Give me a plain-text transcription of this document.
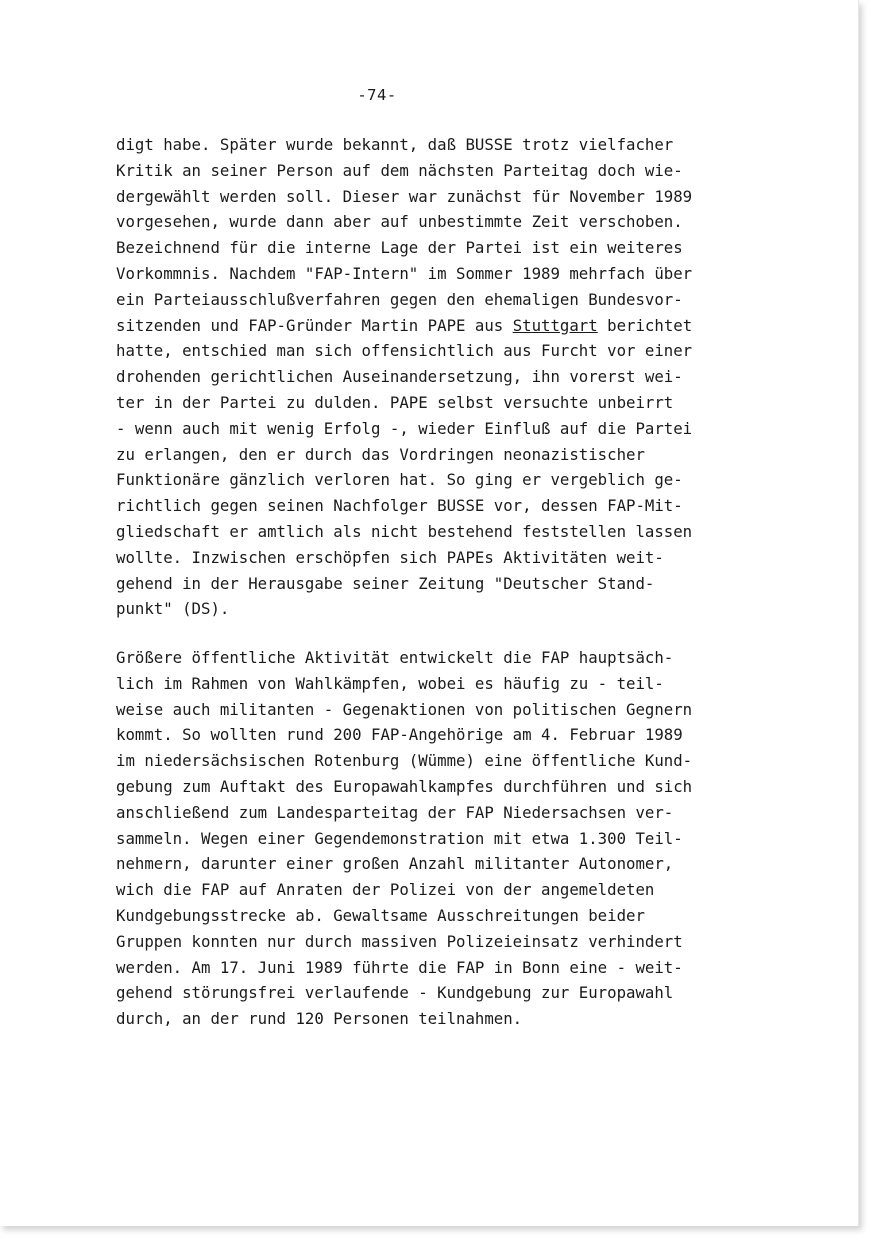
-74-
digt habe. Später wurde bekannt, daß BUSSE trotz vielfacher
Kritik an seiner Person auf dem nächsten Parteitag doch wie-
dergewählt werden soll. Dieser war zunächst für November 1989
vorgesehen, wurde dann aber auf unbestimmte Zeit verschoben.
Bezeichnend für die interne Lage der Partei ist ein weiteres
Vorkommnis. Nachdem "FAP-Intern" im Sommer 1989 mehrfach über
ein Parteiausschlußverfahren gegen den ehemaligen Bundesvor-
sitzenden und FAP-Gründer Martin PAPE aus Stuttgart berichtet
hatte, entschied man sich offensichtlich aus Furcht vor einer
drohenden gerichtlichen Auseinandersetzung, ihn vorerst wei-
ter in der Partei zu dulden. PAPE selbst versuchte unbeirrt
- wenn auch mit wenig Erfolg -, wieder Einfluß auf die Partei
zu erlangen, den er durch das Vordringen neonazistischer
Funktionäre gänzlich verloren hat. So ging er vergeblich ge-
richtlich gegen seinen Nachfolger BUSSE vor, dessen FAP-Mit-
gliedschaft er amtlich als nicht bestehend feststellen lassen
wollte. Inzwischen erschöpfen sich PAPEs Aktivitäten weit-
gehend in der Herausgabe seiner Zeitung "Deutscher Stand-
punkt" (DS).
Größere öffentliche Aktivität entwickelt die FAP hauptsäch-
lich im Rahmen von Wahlkämpfen, wobei es häufig zu - teil-
weise auch militanten - Gegenaktionen von politischen Gegnern
kommt. So wollten rund 200 FAP-Angehörige am 4. Februar 1989
im niedersächsischen Rotenburg (Wümme) eine öffentliche Kund-
gebung zum Auftakt des Europawahlkampfes durchführen und sich
anschließend zum Landesparteitag der FAP Niedersachsen ver-
sammeln. Wegen einer Gegendemonstration mit etwa 1.300 Teil-
nehmern, darunter einer großen Anzahl militanter Autonomer,
wich die FAP auf Anraten der Polizei von der angemeldeten
Kundgebungsstrecke ab. Gewaltsame Ausschreitungen beider
Gruppen konnten nur durch massiven Polizeieinsatz verhindert
werden. Am 17. Juni 1989 führte die FAP in Bonn eine - weit-
gehend störungsfrei verlaufende - Kundgebung zur Europawahl
durch, an der rund 120 Personen teilnahmen.
